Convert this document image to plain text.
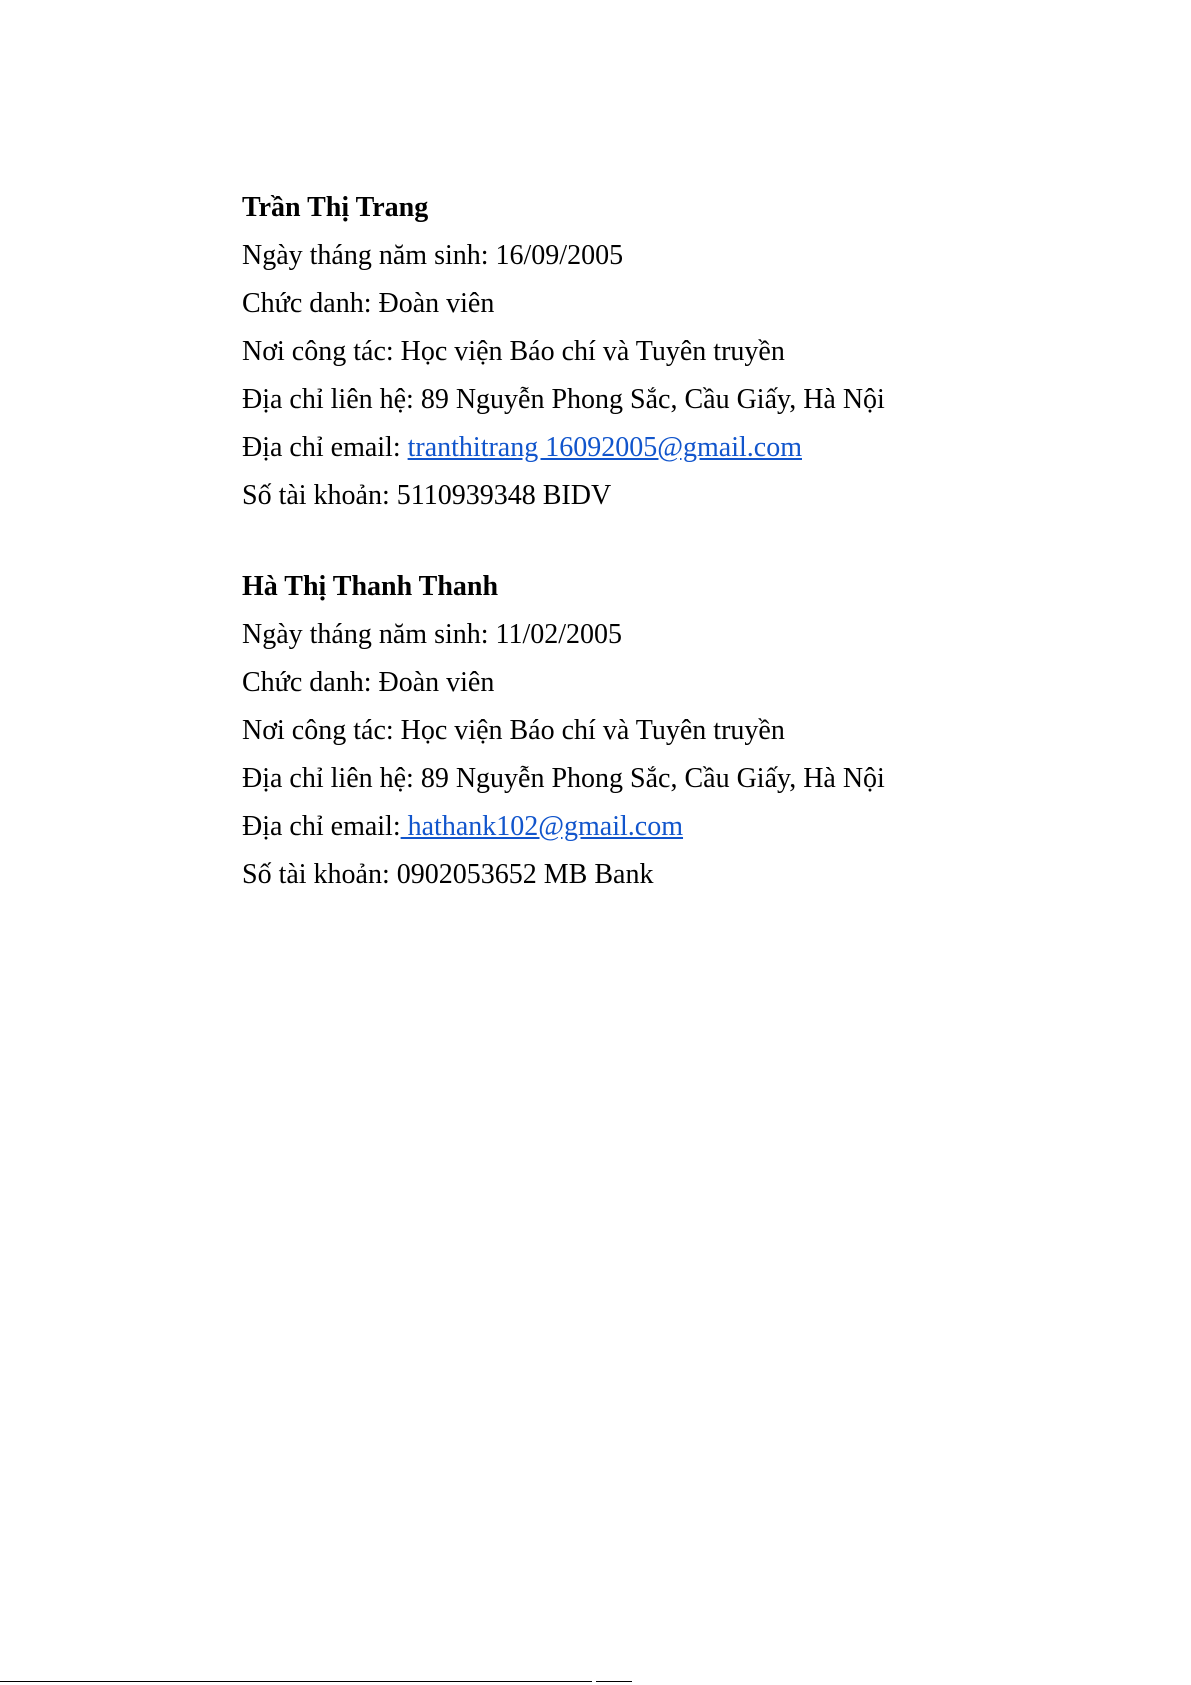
Trần Thị Trang

Ngày tháng năm sinh: 16/09/2005

Chức danh: Đoàn viên

Nơi công tác: Học viện Báo chí và Tuyên truyền

Địa chỉ liên hệ: 89 Nguyễn Phong Sắc, Cầu Giấy, Hà Nội

Địa chỉ email: tranthitrang 16092005@gmail.com

Số tài khoản: 5110939348 BIDV

Hà Thị Thanh Thanh

Ngày tháng năm sinh: 11/02/2005

Chức danh: Đoàn viên

Nơi công tác: Học viện Báo chí và Tuyên truyền

Địa chỉ liên hệ: 89 Nguyễn Phong Sắc, Cầu Giấy, Hà Nội

Địa chỉ email: hathank102@gmail.com

Số tài khoản: 0902053652 MB Bank
